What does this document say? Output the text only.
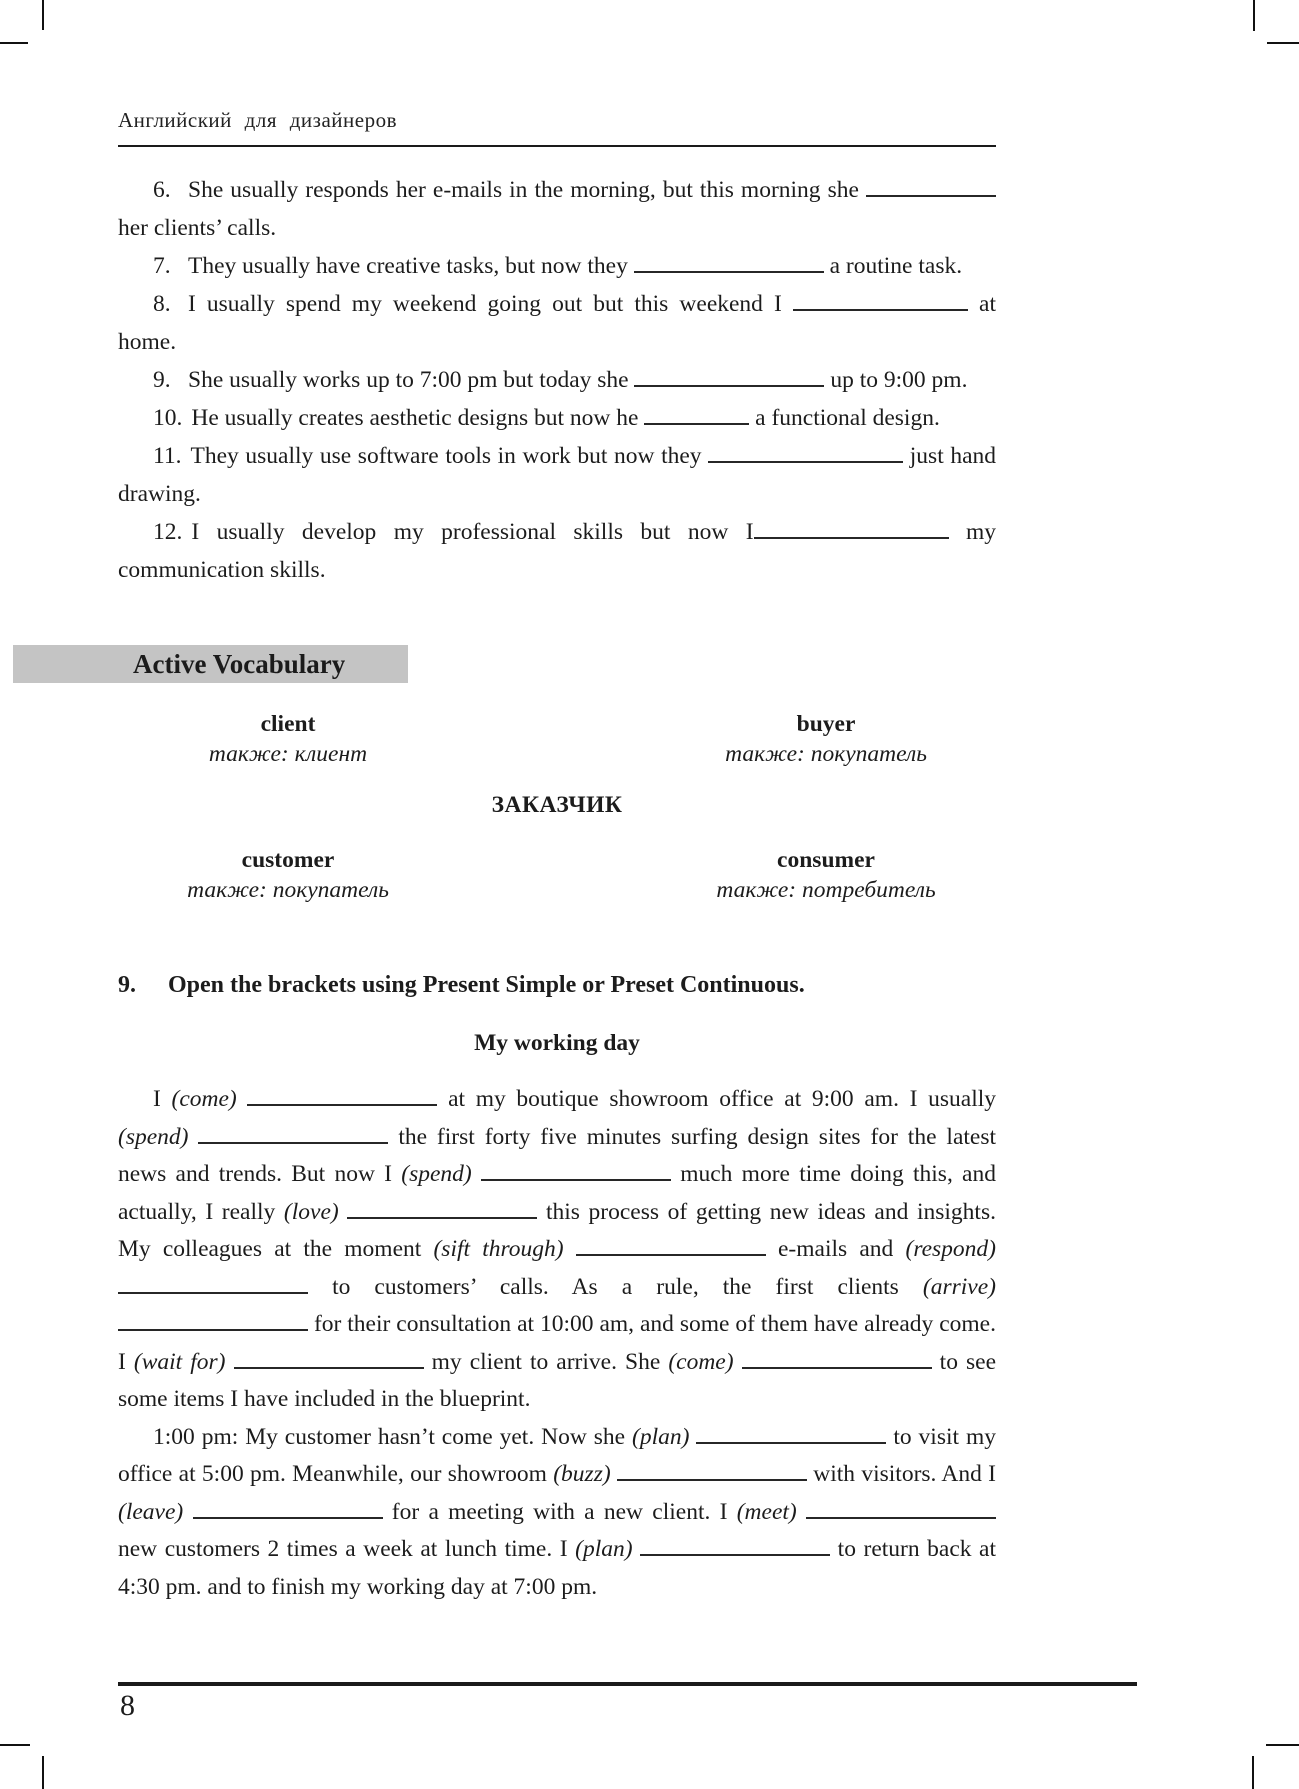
Английский для дизайнеров

6. She usually responds her e-mails in the morning, but this morning she  her clients’ calls.

7. They usually have creative tasks, but now they	a routine task.

8. I usually spend my weekend going out but this weekend I	at home.

9. She usually works up to 7:00 pm but today she	up to 9:00 pm.

10. He usually creates aesthetic designs but now he	a functional design.

11. They usually use software tools in work but now they	just hand drawing.

12. I usually develop my professional skills but now I	my communication skills.

Active Vocabulary
client
также: клиент
buyer
также: покупатель
ЗАКАЗЧИК
customer
также: покупатель
consumer
также: потребитель
9. Open the brackets using Present Simple or Preset Continuous.
My working day

I (come)	at my boutique showroom office at 9:00 am. I usually (spend)	the first forty five minutes surfing design sites for the latest news and trends. But now I (spend)	much more time doing this, and actually, I really (love)	this process of getting new ideas and insights. My colleagues at the moment (sift through)	e-mails and (respond)  to customers’ calls. As a rule, the first clients (arrive)  for their consultation at 10:00 am, and some of them have already come. I (wait for)	my client to arrive. She (come)	to see some items I have included in the blueprint.

1:00 pm: My customer hasn’t come yet. Now she (plan)	to visit my office at 5:00 pm. Meanwhile, our showroom (buzz)	with visitors. And I (leave)	for a meeting with a new client. I (meet)  new customers 2 times a week at lunch time. I (plan)	to return back at 4:30 pm. and to finish my working day at 7:00 pm.

8
